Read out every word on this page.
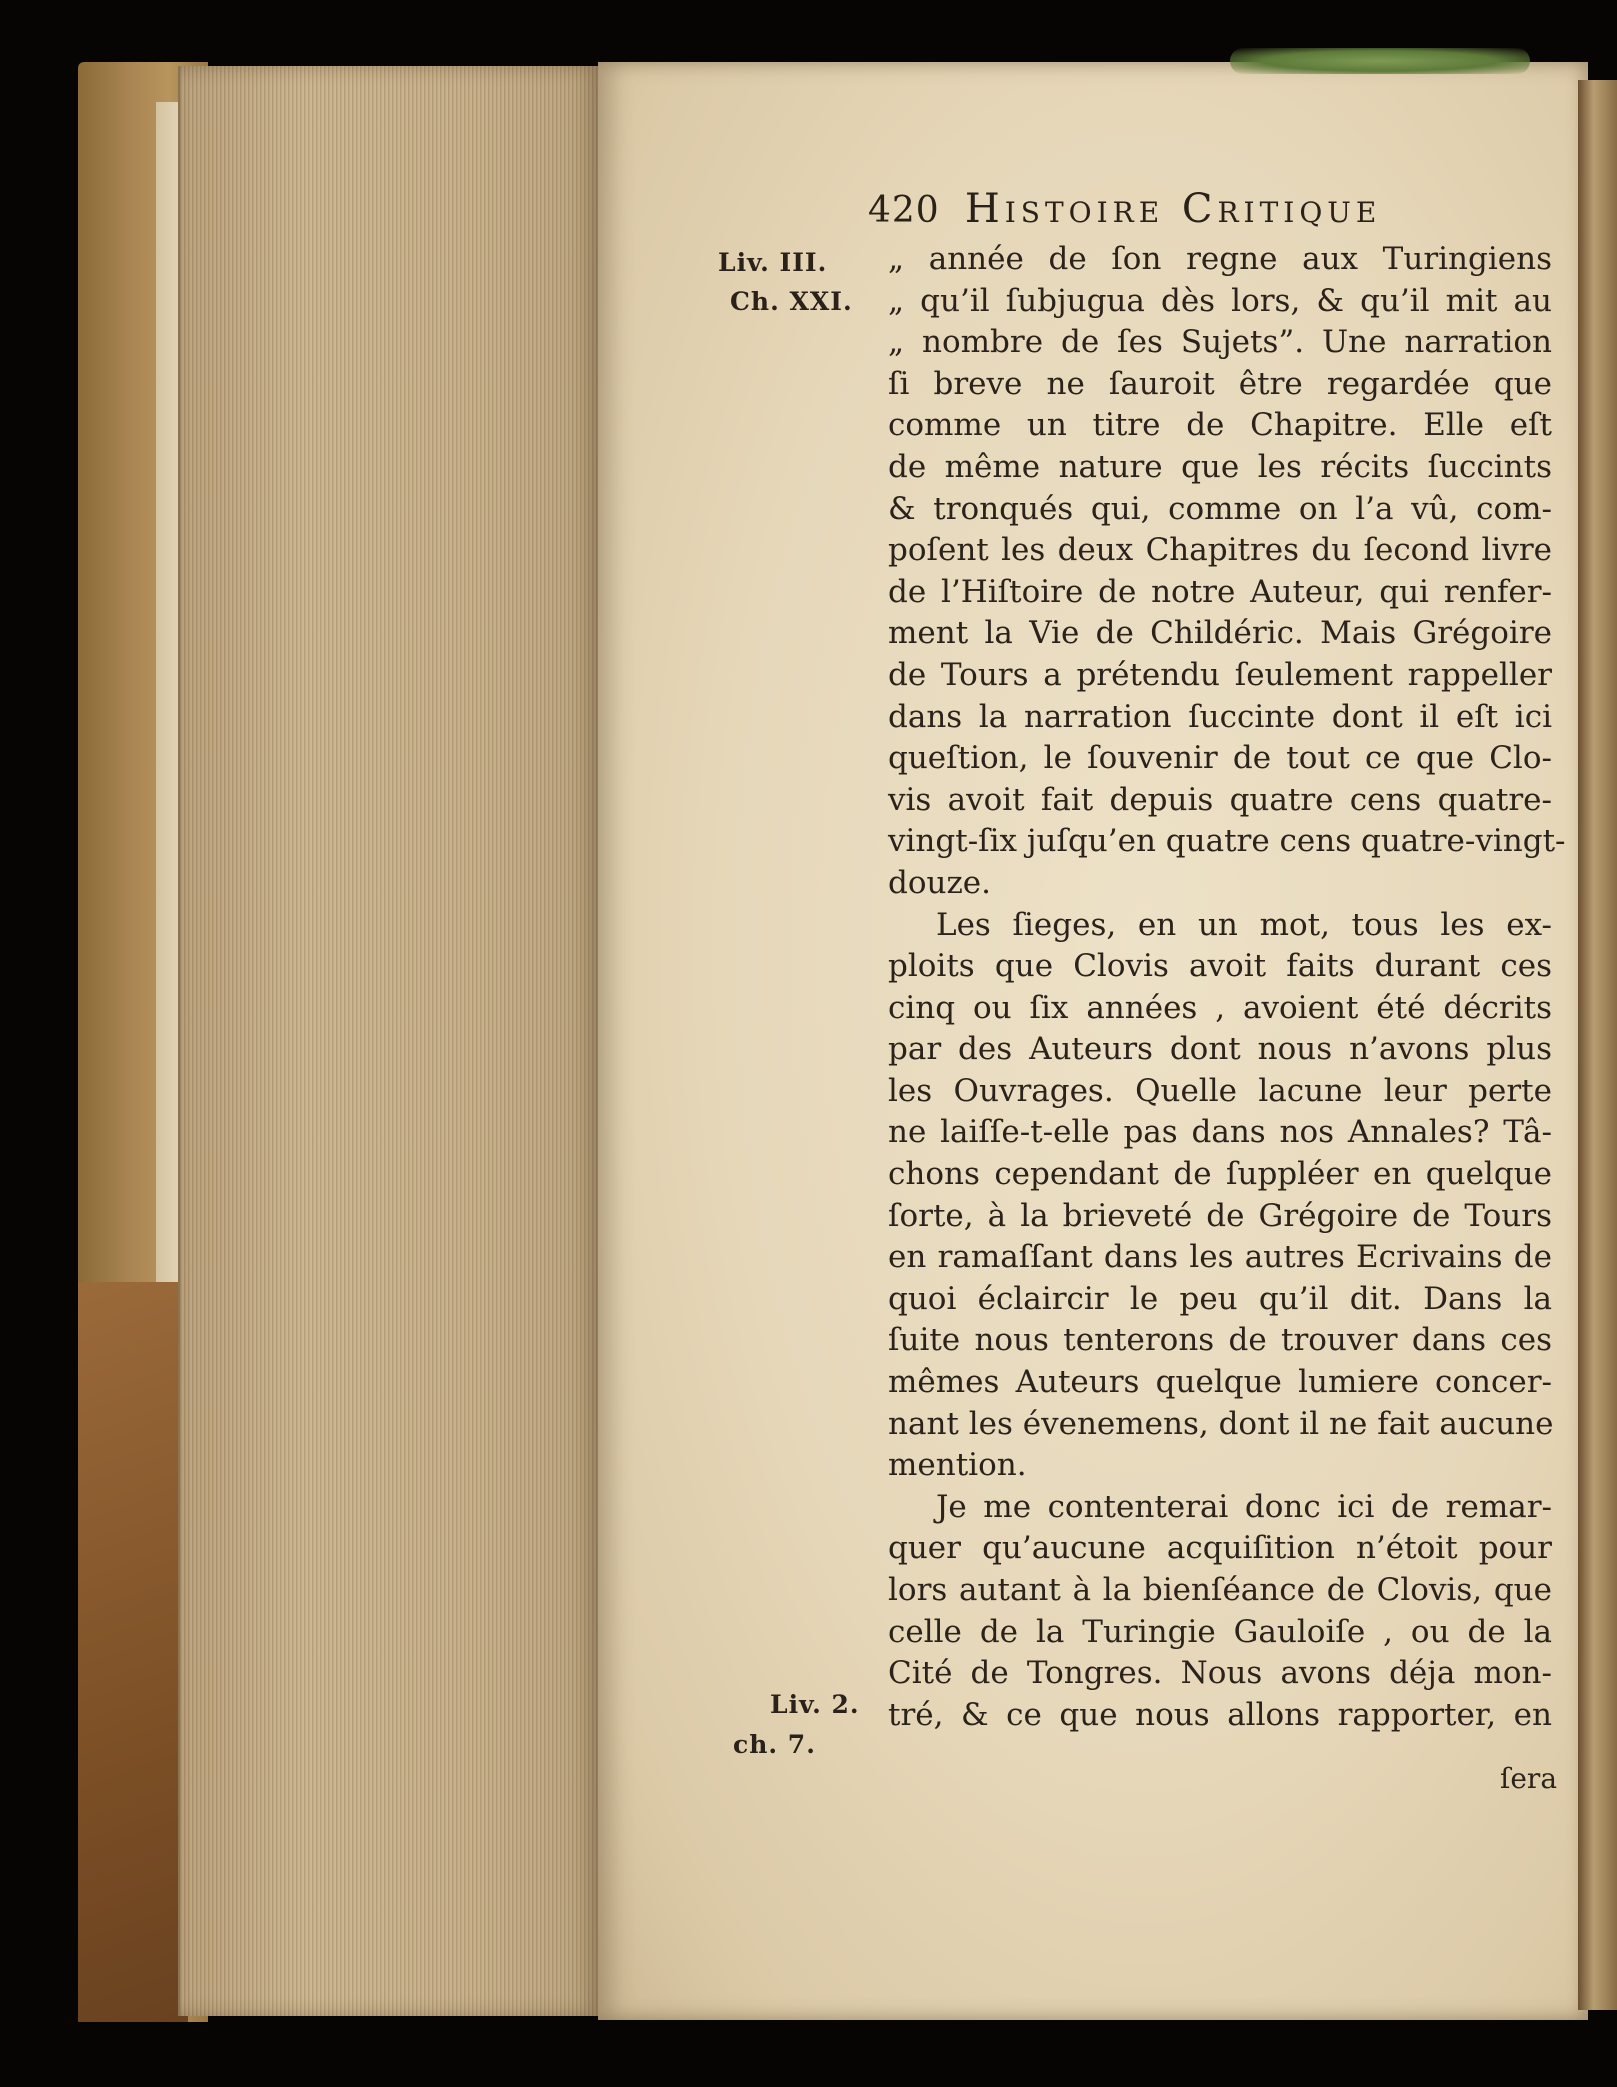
420 Histoire Critique
Liv. III.
Ch. XXI.
Liv. 2.
ch. 7.
„ année de ſon regne aux Turingiens
„ qu’il ſubjugua dès lors, & qu’il mit au
„ nombre de ſes Sujets”. Une narration
ſi breve ne ſauroit être regardée que
comme un titre de Chapitre. Elle eſt
de même nature que les récits ſuccints
& tronqués qui, comme on l’a vû, com-
poſent les deux Chapitres du ſecond livre
de l’Hiſtoire de notre Auteur, qui renfer-
ment la Vie de Childéric. Mais Grégoire
de Tours a prétendu ſeulement rappeller
dans la narration ſuccinte dont il eſt ici
queſtion, le ſouvenir de tout ce que Clo-
vis avoit fait depuis quatre cens quatre-
vingt-ſix juſqu’en quatre cens quatre-vingt-
douze.
Les ſieges, en un mot, tous les ex-
ploits que Clovis avoit faits durant ces
cinq ou ſix années , avoient été décrits
par des Auteurs dont nous n’avons plus
les Ouvrages. Quelle lacune leur perte
ne laiſſe-t-elle pas dans nos Annales? Tâ-
chons cependant de ſuppléer en quelque
ſorte, à la brieveté de Grégoire de Tours
en ramaſſant dans les autres Ecrivains de
quoi éclaircir le peu qu’il dit. Dans la
ſuite nous tenterons de trouver dans ces
mêmes Auteurs quelque lumiere concer-
nant les évenemens, dont il ne fait aucune
mention.
Je me contenterai donc ici de remar-
quer qu’aucune acquiſition n’étoit pour
lors autant à la bienſéance de Clovis, que
celle de la Turingie Gauloiſe , ou de la
Cité de Tongres. Nous avons déja mon-
tré, & ce que nous allons rapporter, en
ſera
